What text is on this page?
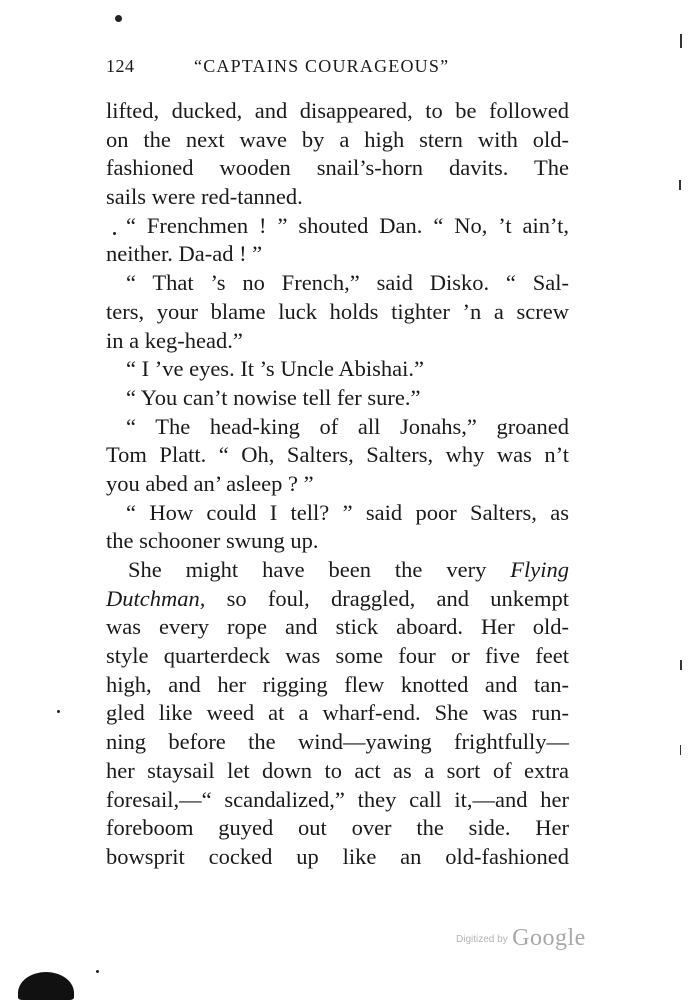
124	“CAPTAINS COURAGEOUS”
lifted, ducked, and disappeared, to be followed
on the next wave by a high stern with old-
fashioned wooden snail’s-horn davits. The
sails were red-tanned.
“ Frenchmen ! ” shouted Dan. “ No, ’t ain’t,
neither. Da-ad ! ”
“ That ’s no French,” said Disko. “ Sal-
ters, your blame luck holds tighter ’n a screw
in a keg-head.”
“ I ’ve eyes. It ’s Uncle Abishai.”
“ You can’t nowise tell fer sure.”
“ The head-king of all Jonahs,” groaned
Tom Platt. “ Oh, Salters, Salters, why was n’t
you abed an’ asleep ? ”
“ How could I tell? ” said poor Salters, as
the schooner swung up.
She might have been the very Flying
Dutchman, so foul, draggled, and unkempt
was every rope and stick aboard. Her old-
style quarterdeck was some four or five feet
high, and her rigging flew knotted and tan-
gled like weed at a wharf-end. She was run-
ning before the wind—yawing frightfully—
her staysail let down to act as a sort of extra
foresail,—“ scandalized,” they call it,—and her
foreboom guyed out over the side. Her
bowsprit cocked up like an old-fashioned
Digitized by Google
